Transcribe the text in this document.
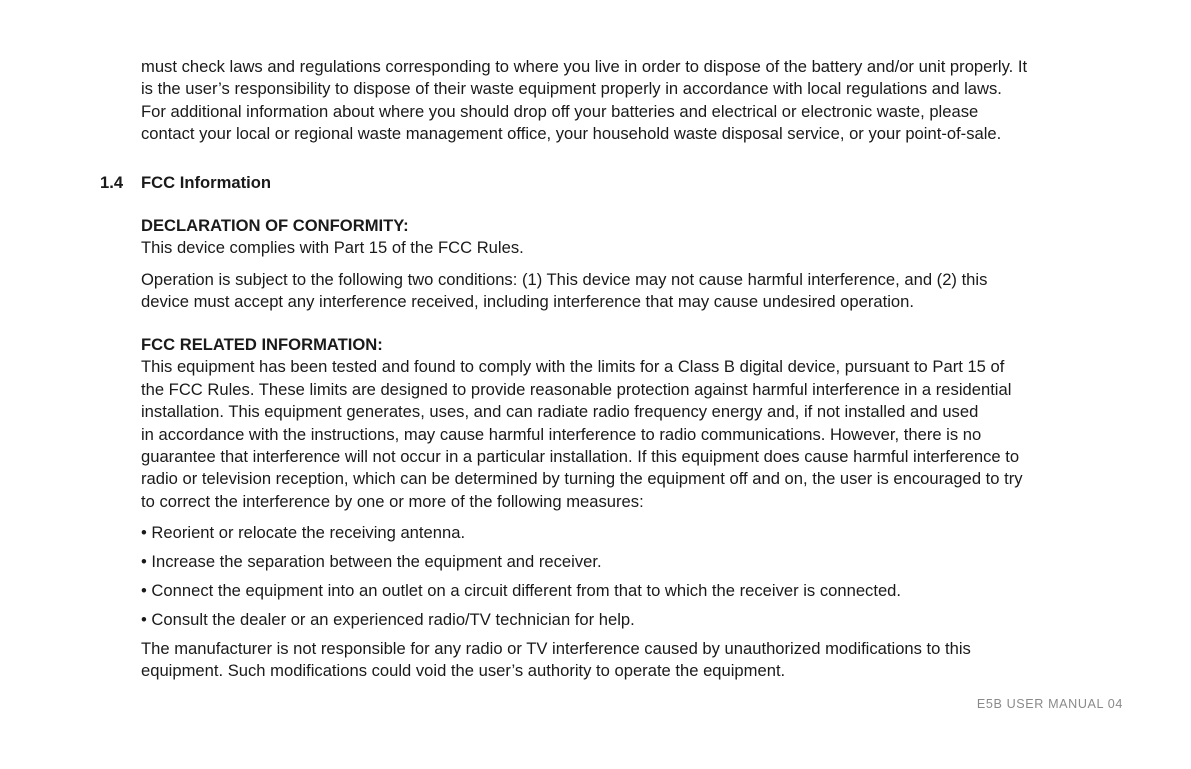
must check laws and regulations corresponding to where you live in order to dispose of the battery and/or unit properly. It
is the user’s responsibility to dispose of their waste equipment properly in accordance with local regulations and laws.
For additional information about where you should drop off your batteries and electrical or electronic waste, please
contact your local or regional waste management office, your household waste disposal service, or your point-of-sale.
1.4 FCC Information
DECLARATION OF CONFORMITY:
This device complies with Part 15 of the FCC Rules.
Operation is subject to the following two conditions: (1) This device may not cause harmful interference, and (2) this
device must accept any interference received, including interference that may cause undesired operation.
FCC RELATED INFORMATION:
This equipment has been tested and found to comply with the limits for a Class B digital device, pursuant to Part 15 of
the FCC Rules. These limits are designed to provide reasonable protection against harmful interference in a residential
installation. This equipment generates, uses, and can radiate radio frequency energy and, if not installed and used
in accordance with the instructions, may cause harmful interference to radio communications. However, there is no
guarantee that interference will not occur in a particular installation. If this equipment does cause harmful interference to
radio or television reception, which can be determined by turning the equipment off and on, the user is encouraged to try
to correct the interference by one or more of the following measures:
• Reorient or relocate the receiving antenna.
• Increase the separation between the equipment and receiver.
• Connect the equipment into an outlet on a circuit different from that to which the receiver is connected.
• Consult the dealer or an experienced radio/TV technician for help.
The manufacturer is not responsible for any radio or TV interference caused by unauthorized modifications to this
equipment. Such modifications could void the user’s authority to operate the equipment.
E5B USER MANUAL 04
